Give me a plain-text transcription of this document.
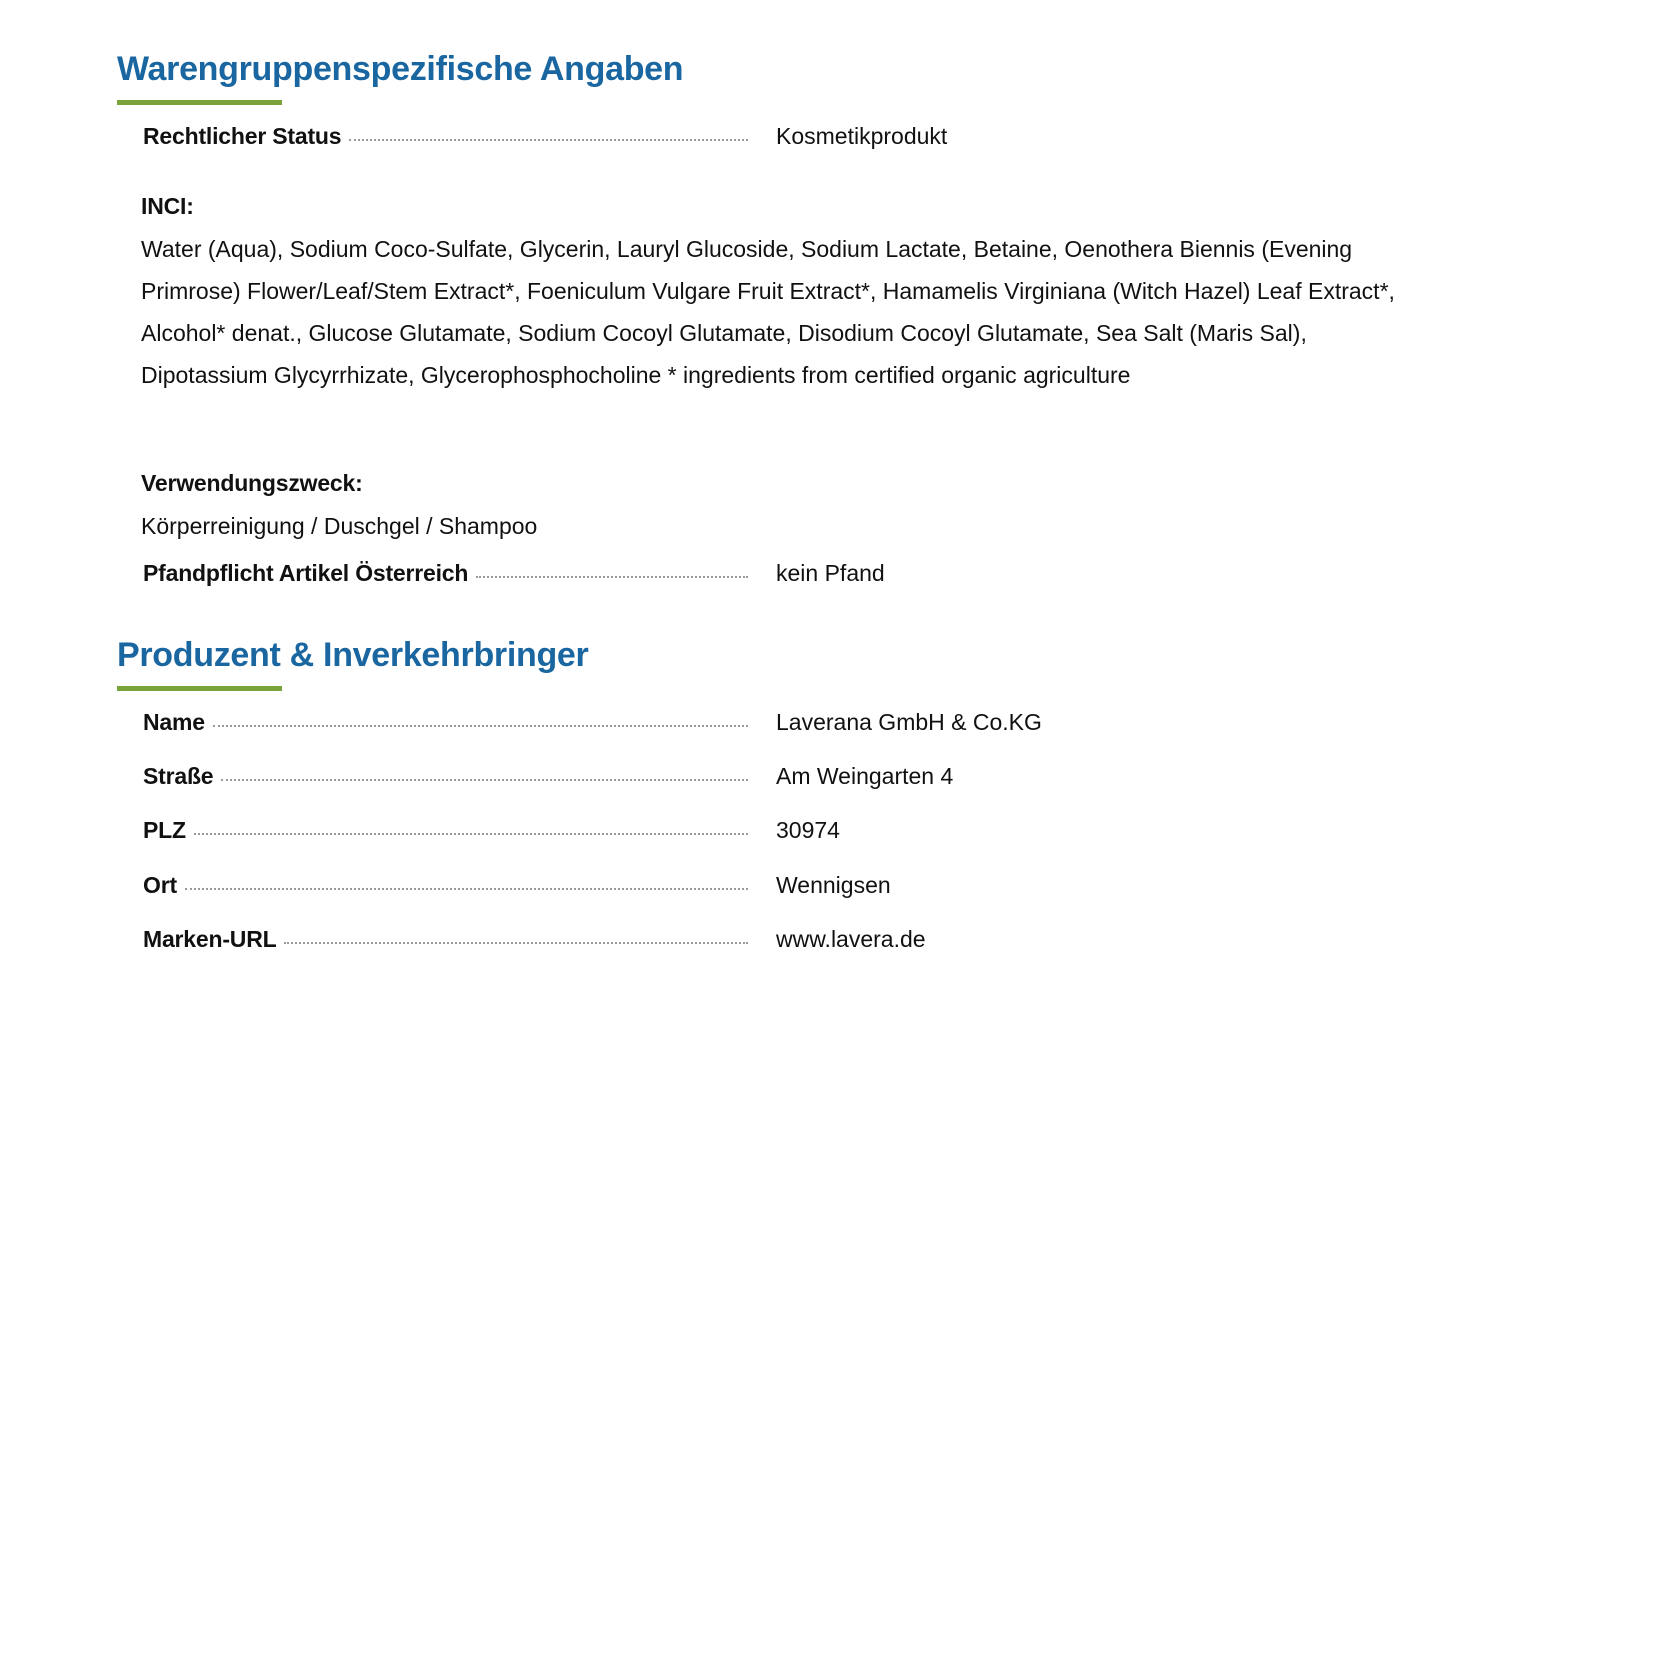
Warengruppenspezifische Angaben
Rechtlicher Status	Kosmetikprodukt
INCI:
Water (Aqua), Sodium Coco-Sulfate, Glycerin, Lauryl Glucoside, Sodium Lactate, Betaine, Oenothera Biennis (Evening Primrose) Flower/Leaf/Stem Extract*, Foeniculum Vulgare Fruit Extract*, Hamamelis Virginiana (Witch Hazel) Leaf Extract*, Alcohol* denat., Glucose Glutamate, Sodium Cocoyl Glutamate, Disodium Cocoyl Glutamate, Sea Salt (Maris Sal), Dipotassium Glycyrrhizate, Glycerophosphocholine * ingredients from certified organic agriculture
Verwendungszweck:
Körperreinigung / Duschgel / Shampoo
Pfandpflicht Artikel Österreich	kein Pfand
Produzent & Inverkehrbringer
Name	Laverana GmbH & Co.KG
Straße	Am Weingarten 4
PLZ	30974
Ort	Wennigsen
Marken-URL	www.lavera.de
